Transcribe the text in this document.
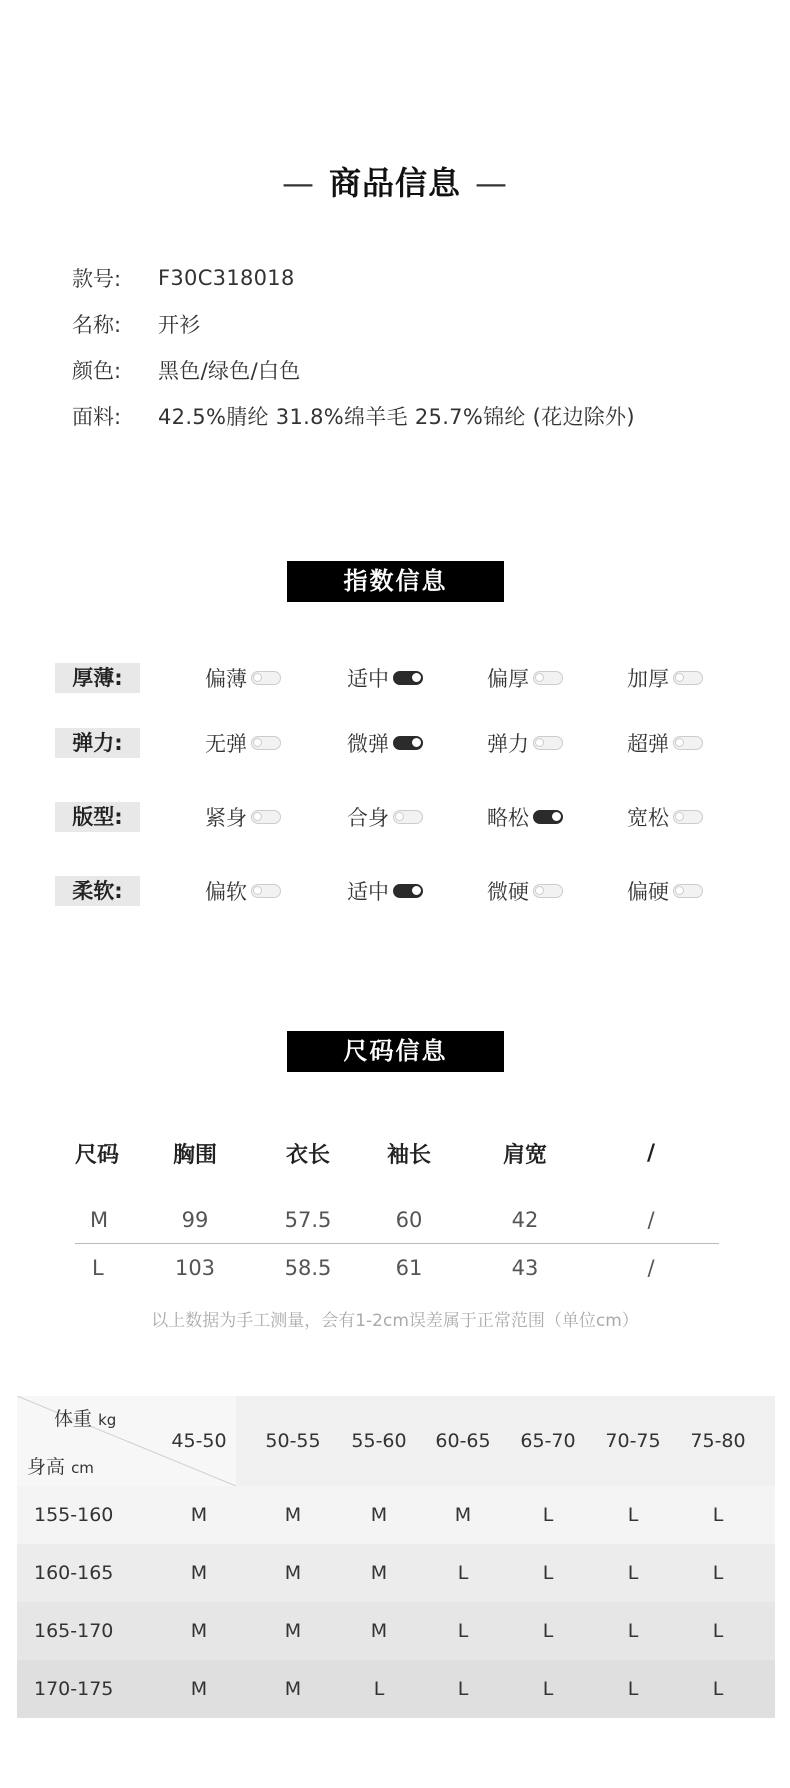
— 商品信息 —
款号:	F30C318018
名称:	开衫
颜色:	黑色/绿色/白色
面料:	42.5%腈纶 31.8%绵羊毛 25.7%锦纶 (花边除外)
指数信息
厚薄:	偏薄	适中	偏厚	加厚
弹力:	无弹	微弹	弹力	超弹
版型:	紧身	合身	略松	宽松
柔软:	偏软	适中	微硬	偏硬
尺码信息
尺码	胸围	衣长	袖长	肩宽	/
M	99	57.5	60	42	/
L	103	58.5	61	43	/
以上数据为手工测量，会有1-2cm误差属于正常范围（单位cm）
体重 kg
身高 cm
45-50	50-55	55-60	60-65	65-70	70-75	75-80
155-160	M	M	M	M	L	L	L
160-165	M	M	M	L	L	L	L
165-170	M	M	M	L	L	L	L
170-175	M	M	L	L	L	L	L
